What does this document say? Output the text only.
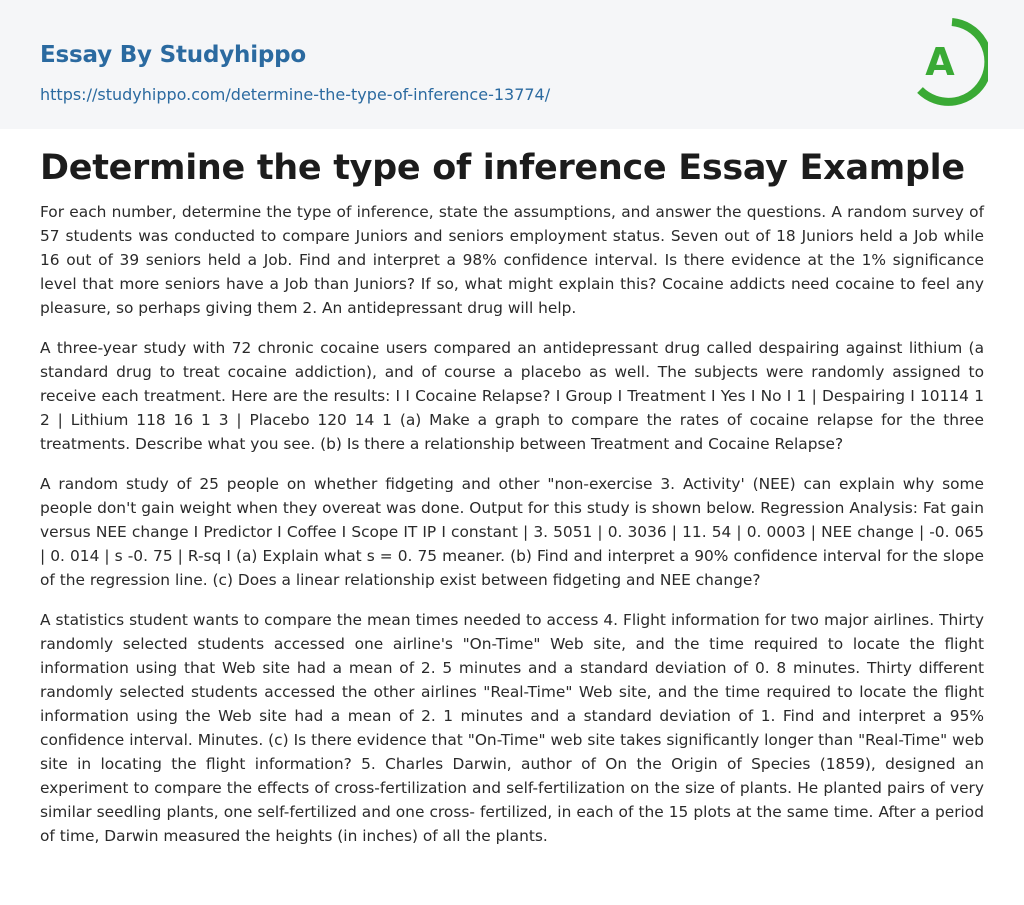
Essay By Studyhippo
https://studyhippo.com/determine-the-type-of-inference-13774/
A
Determine the type of inference Essay Example

For each number, determine the type of inference, state the assumptions, and answer the questions. A random survey of 57 students was conducted to compare Juniors and seniors employment status. Seven out of 18 Juniors held a Job while 16 out of 39 seniors held a Job. Find and interpret a 98% confidence interval. Is there evidence at the 1% significance level that more seniors have a Job than Juniors? If so, what might explain this? Cocaine addicts need cocaine to feel any pleasure, so perhaps giving them 2. An antidepressant drug will help.

A three-year study with 72 chronic cocaine users compared an antidepressant drug called despairing against lithium (a standard drug to treat cocaine addiction), and of course a placebo as well. The subjects were randomly assigned to receive each treatment. Here are the results: I I Cocaine Relapse? I Group I Treatment I Yes I No I 1 | Despairing I 10114 1 2 | Lithium 118 16 1 3 | Placebo 120 14 1 (a) Make a graph to compare the rates of cocaine relapse for the three treatments. Describe what you see. (b) Is there a relationship between Treatment and Cocaine Relapse?

A random study of 25 people on whether fidgeting and other "non-exercise 3. Activity' (NEE) can explain why some people don't gain weight when they overeat was done. Output for this study is shown below. Regression Analysis: Fat gain versus NEE change I Predictor I Coffee I Scope IT IP I constant | 3. 5051 | 0. 3036 | 11. 54 | 0. 0003 | NEE change | -0. 065 | 0. 014 | s -0. 75 | R-sq I (a) Explain what s = 0. 75 meaner. (b) Find and interpret a 90% confidence interval for the slope of the regression line. (c) Does a linear relationship exist between fidgeting and NEE change?

A statistics student wants to compare the mean times needed to access 4. Flight information for two major airlines. Thirty randomly selected students accessed one airline's "On-Time" Web site, and the time required to locate the flight information using that Web site had a mean of 2. 5 minutes and a standard deviation of 0. 8 minutes. Thirty different randomly selected students accessed the other airlines "Real-Time" Web site, and the time required to locate the flight information using the Web site had a mean of 2. 1 minutes and a standard deviation of 1. Find and interpret a 95% confidence interval. Minutes. (c) Is there evidence that "On-Time" web site takes significantly longer than "Real-Time" web site in locating the flight information? 5. Charles Darwin, author of On the Origin of Species (1859), designed an experiment to compare the effects of cross-fertilization and self-fertilization on the size of plants. He planted pairs of very similar seedling plants, one self-fertilized and one cross- fertilized, in each of the 15 plots at the same time. After a period of time, Darwin measured the heights (in inches) of all the plants.
